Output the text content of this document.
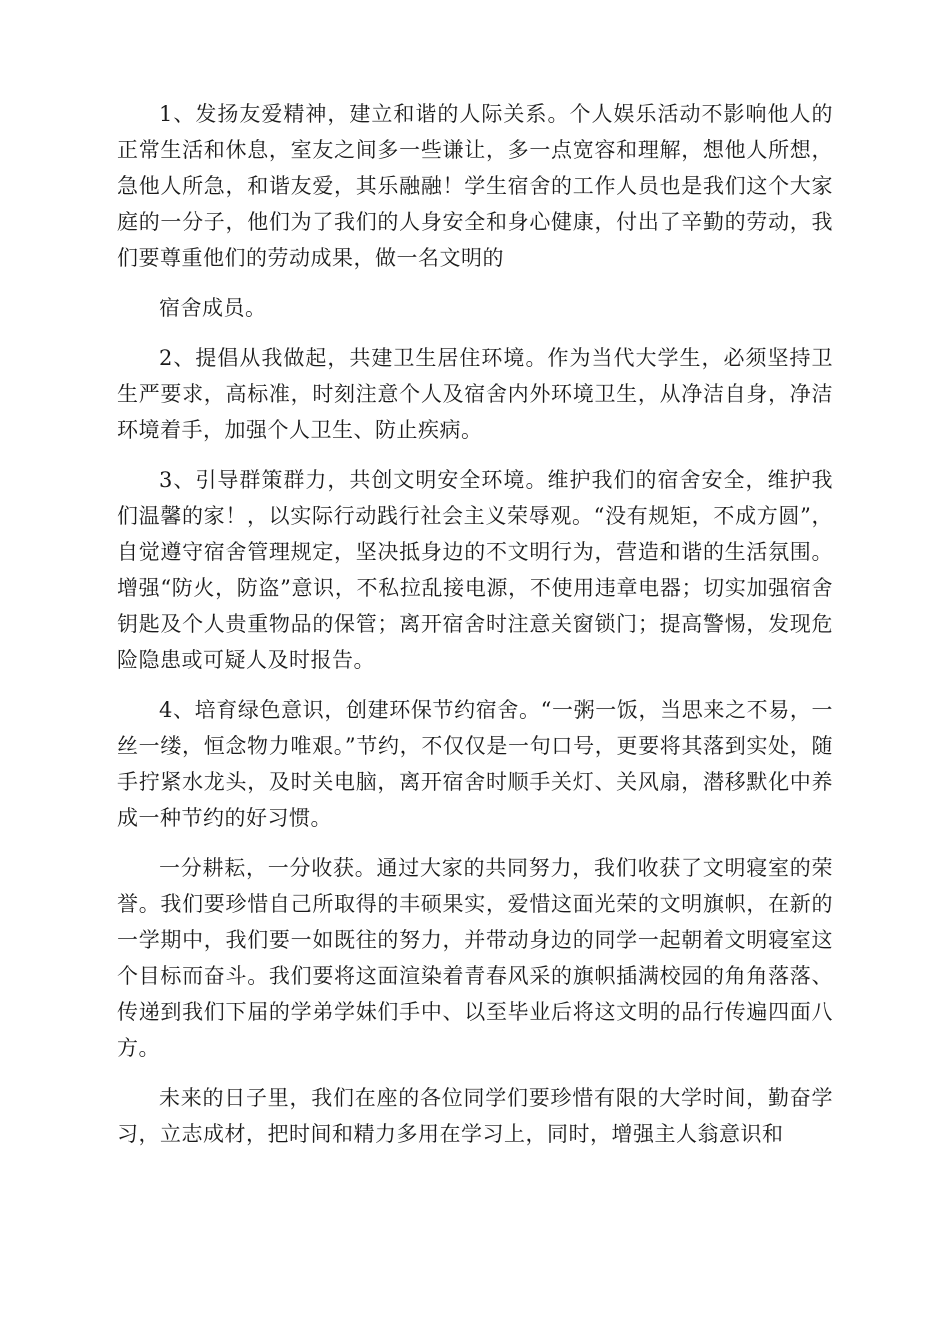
1、发扬友爱精神，建立和谐的人际关系。个人娱乐活动不影响他人的正常生活和休息，室友之间多一些谦让，多一点宽容和理解，想他人所想，急他人所急，和谐友爱，其乐融融！学生宿舍的工作人员也是我们这个大家庭的一分子，他们为了我们的人身安全和身心健康，付出了辛勤的劳动，我们要尊重他们的劳动成果，做一名文明的

宿舍成员。

2、提倡从我做起，共建卫生居住环境。作为当代大学生，必须坚持卫生严要求，高标准，时刻注意个人及宿舍内外环境卫生，从净洁自身，净洁环境着手，加强个人卫生、防止疾病。

3、引导群策群力，共创文明安全环境。维护我们的宿舍安全，维护我们温馨的家！，以实际行动践行社会主义荣辱观。“没有规矩，不成方圆”，自觉遵守宿舍管理规定，坚决抵身边的不文明行为，营造和谐的生活氛围。增强“防火，防盗”意识，不私拉乱接电源，不使用违章电器；切实加强宿舍钥匙及个人贵重物品的保管；离开宿舍时注意关窗锁门；提高警惕，发现危险隐患或可疑人及时报告。

4、培育绿色意识，创建环保节约宿舍。“一粥一饭，当思来之不易，一丝一缕，恒念物力唯艰。”节约，不仅仅是一句口号，更要将其落到实处，随手拧紧水龙头，及时关电脑，离开宿舍时顺手关灯、关风扇，潜移默化中养成一种节约的好习惯。

一分耕耘，一分收获。通过大家的共同努力，我们收获了文明寝室的荣誉。我们要珍惜自己所取得的丰硕果实，爱惜这面光荣的文明旗帜，在新的一学期中，我们要一如既往的努力，并带动身边的同学一起朝着文明寝室这个目标而奋斗。我们要将这面渲染着青春风采的旗帜插满校园的角角落落、传递到我们下届的学弟学妹们手中、以至毕业后将这文明的品行传遍四面八方。

未来的日子里，我们在座的各位同学们要珍惜有限的大学时间，勤奋学习，立志成材，把时间和精力多用在学习上，同时，增强主人翁意识和
